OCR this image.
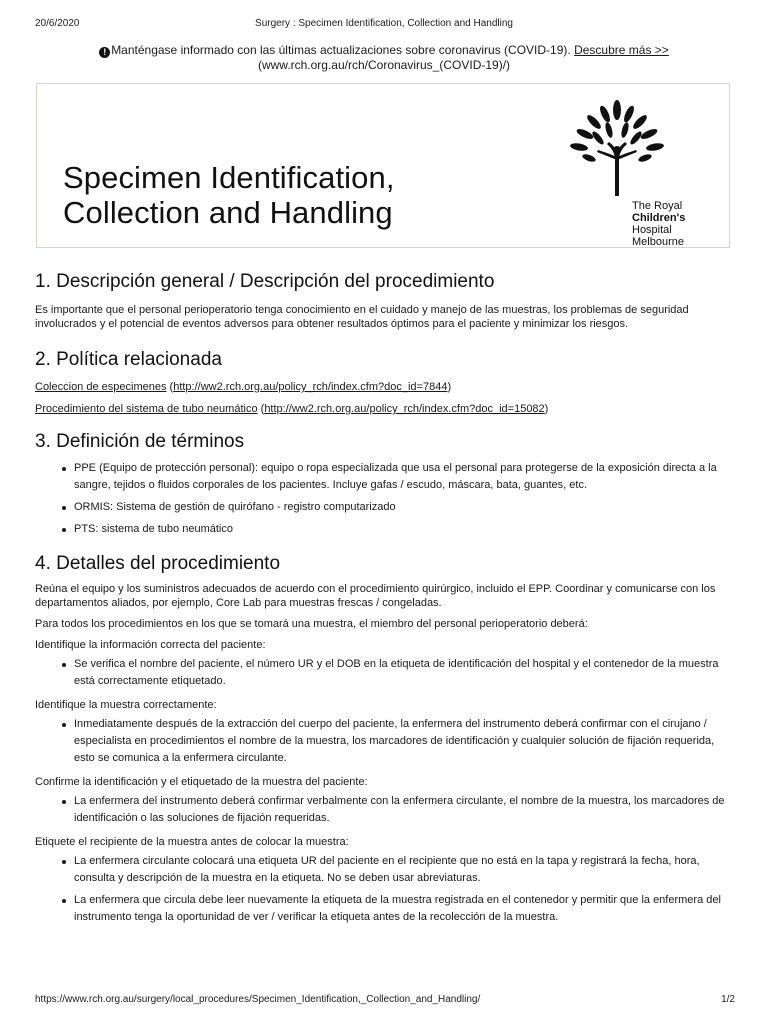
20/6/2020	Surgery : Specimen Identification, Collection and Handling
! Manténgase informado con las últimas actualizaciones sobre coronavirus (COVID-19). Descubre más >>
(www.rch.org.au/rch/Coronavirus_(COVID-19)/)
Specimen Identification,
Collection and Handling	The Royal
Children's
Hospital
Melbourne
1. Descripción general / Descripción del procedimiento

Es importante que el personal perioperatorio tenga conocimiento en el cuidado y manejo de las muestras, los problemas de seguridad involucrados y el potencial de eventos adversos para obtener resultados óptimos para el paciente y minimizar los riesgos.

2. Política relacionada

Coleccion de especimenes (http://ww2.rch.org.au/policy_rch/index.cfm?doc_id=7844)

Procedimiento del sistema de tubo neumático (http://ww2.rch.org.au/policy_rch/index.cfm?doc_id=15082)

3. Definición de términos
PPE (Equipo de protección personal): equipo o ropa especializada que usa el personal para protegerse de la exposición directa a la sangre, tejidos o fluidos corporales de los pacientes. Incluye gafas / escudo, máscara, bata, guantes, etc.
ORMIS: Sistema de gestión de quirófano - registro computarizado
PTS: sistema de tubo neumático
4. Detalles del procedimiento

Reúna el equipo y los suministros adecuados de acuerdo con el procedimiento quirúrgico, incluido el EPP. Coordinar y comunicarse con los departamentos aliados, por ejemplo, Core Lab para muestras frescas / congeladas.

Para todos los procedimientos en los que se tomará una muestra, el miembro del personal perioperatorio deberá:

Identifique la información correcta del paciente:

Se verifica el nombre del paciente, el número UR y el DOB en la etiqueta de identificación del hospital y el contenedor de la muestra está correctamente etiquetado.

Identifique la muestra correctamente:

Inmediatamente después de la extracción del cuerpo del paciente, la enfermera del instrumento deberá confirmar con el cirujano / especialista en procedimientos el nombre de la muestra, los marcadores de identificación y cualquier solución de fijación requerida, esto se comunica a la enfermera circulante.

Confirme la identificación y el etiquetado de la muestra del paciente:

La enfermera del instrumento deberá confirmar verbalmente con la enfermera circulante, el nombre de la muestra, los marcadores de identificación o las soluciones de fijación requeridas.

Etiquete el recipiente de la muestra antes de colocar la muestra:

La enfermera circulante colocará una etiqueta UR del paciente en el recipiente que no está en la tapa y registrará la fecha, hora, consulta y descripción de la muestra en la etiqueta. No se deben usar abreviaturas.
La enfermera que circula debe leer nuevamente la etiqueta de la muestra registrada en el contenedor y permitir que la enfermera del instrumento tenga la oportunidad de ver / verificar la etiqueta antes de la recolección de la muestra.
https://www.rch.org.au/surgery/local_procedures/Specimen_Identification,_Collection_and_Handling/	1/2
